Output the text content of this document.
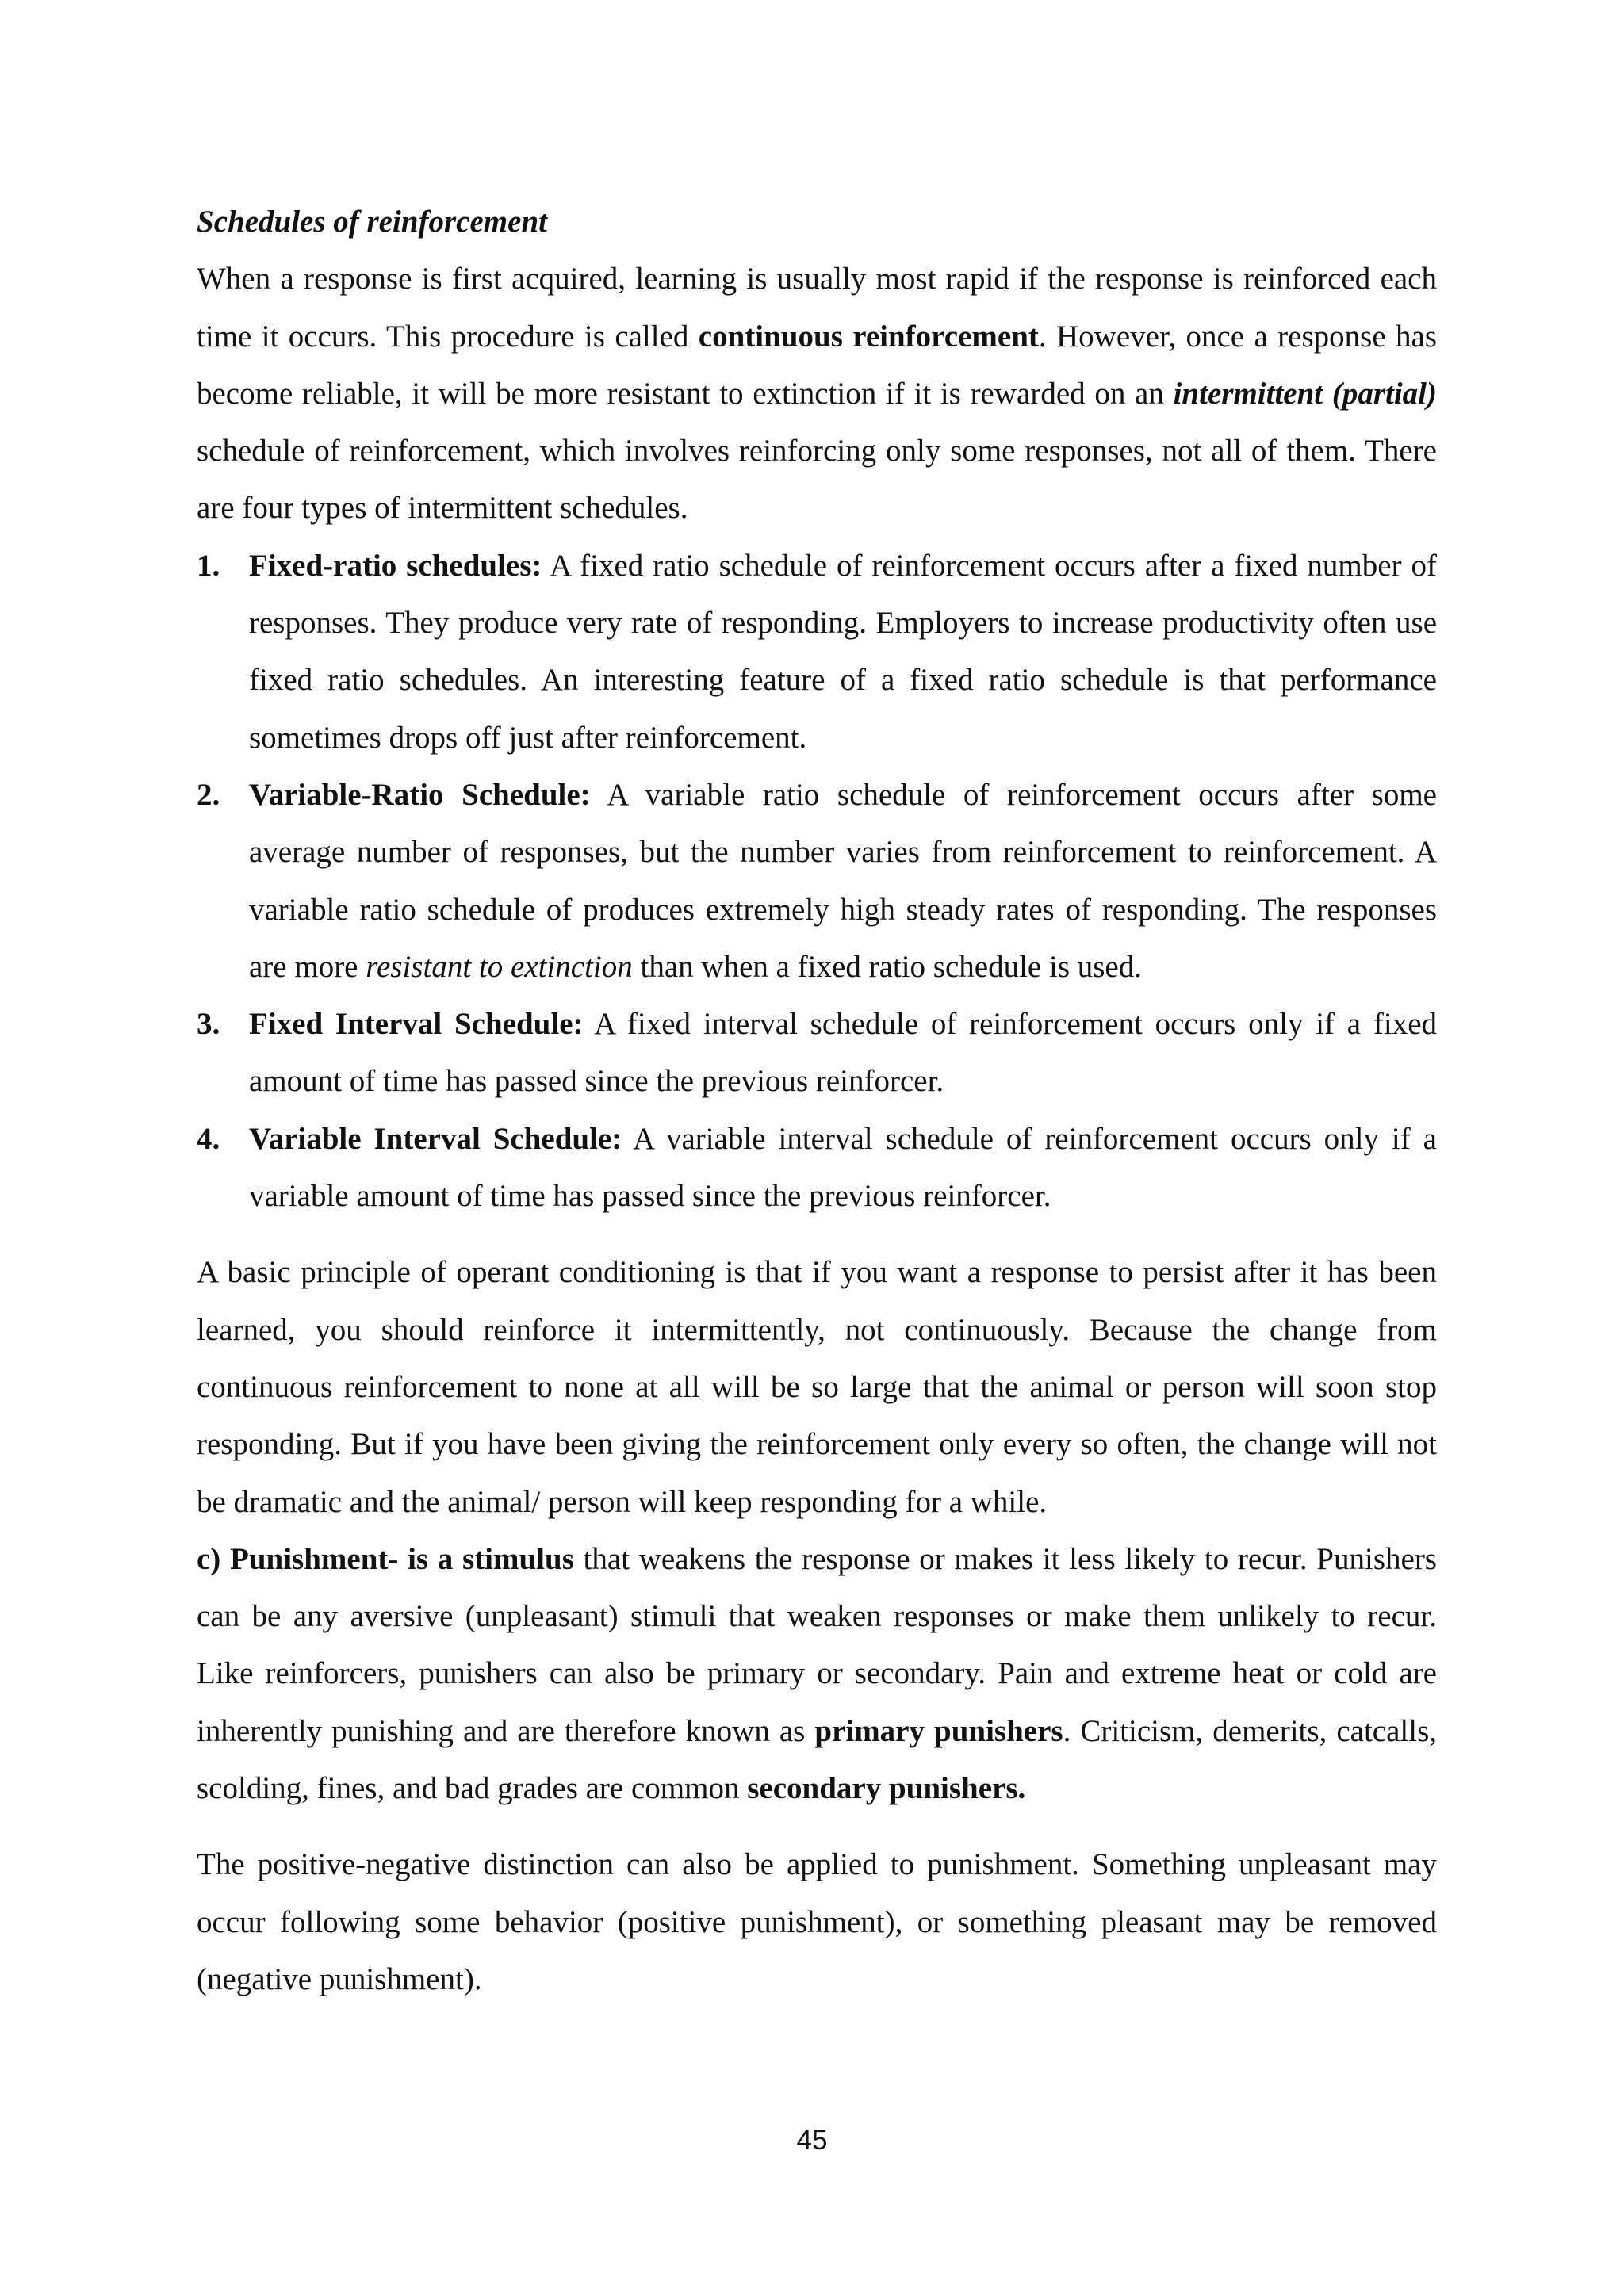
Schedules of reinforcement

When a response is first acquired, learning is usually most rapid if the response is reinforced each time it occurs. This procedure is called continuous reinforcement. However, once a response has become reliable, it will be more resistant to extinction if it is rewarded on an intermittent (partial) schedule of reinforcement, which involves reinforcing only some responses, not all of them. There are four types of intermittent schedules.

1. Fixed-ratio schedules: A fixed ratio schedule of reinforcement occurs after a fixed number of responses. They produce very rate of responding. Employers to increase productivity often use fixed ratio schedules. An interesting feature of a fixed ratio schedule is that performance sometimes drops off just after reinforcement.
2. Variable-Ratio Schedule: A variable ratio schedule of reinforcement occurs after some average number of responses, but the number varies from reinforcement to reinforcement. A variable ratio schedule of produces extremely high steady rates of responding. The responses are more resistant to extinction than when a fixed ratio schedule is used.
3. Fixed Interval Schedule: A fixed interval schedule of reinforcement occurs only if a fixed amount of time has passed since the previous reinforcer.
4. Variable Interval Schedule: A variable interval schedule of reinforcement occurs only if a variable amount of time has passed since the previous reinforcer.

A basic principle of operant conditioning is that if you want a response to persist after it has been learned, you should reinforce it intermittently, not continuously. Because the change from continuous reinforcement to none at all will be so large that the animal or person will soon stop responding. But if you have been giving the reinforcement only every so often, the change will not be dramatic and the animal/ person will keep responding for a while.

c) Punishment- is a stimulus that weakens the response or makes it less likely to recur. Punishers can be any aversive (unpleasant) stimuli that weaken responses or make them unlikely to recur. Like reinforcers, punishers can also be primary or secondary. Pain and extreme heat or cold are inherently punishing and are therefore known as primary punishers. Criticism, demerits, catcalls, scolding, fines, and bad grades are common secondary punishers.

The positive-negative distinction can also be applied to punishment. Something unpleasant may occur following some behavior (positive punishment), or something pleasant may be removed (negative punishment).

45
